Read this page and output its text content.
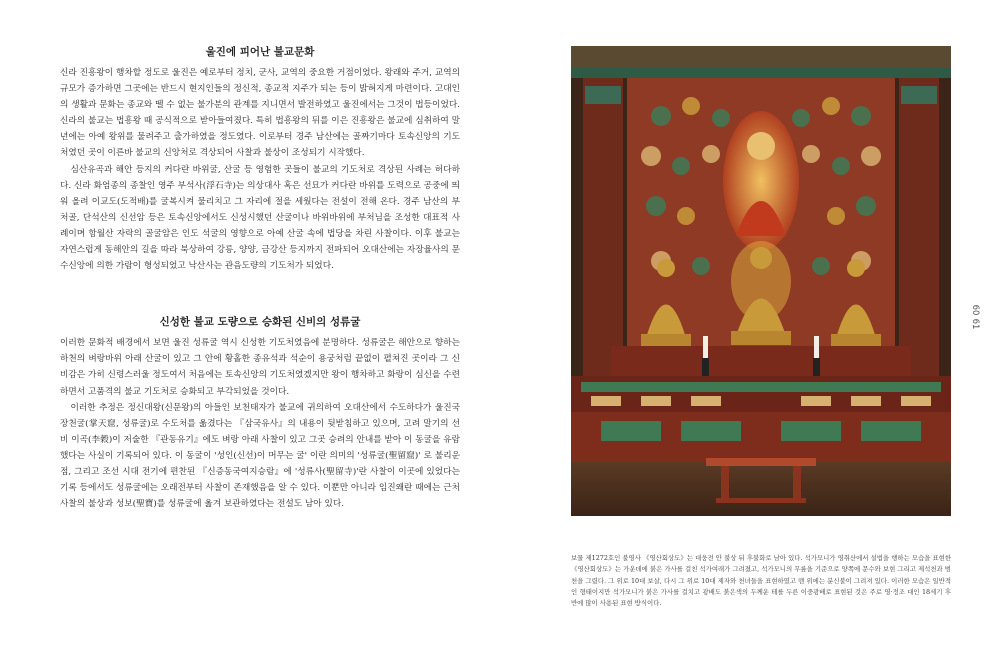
울진에 피어난 불교문화

신라 진흥왕이 행차할 정도로 울진은 예로부터 정치, 군사, 교역의 중요한 거점이었다. 왕래와 주거, 교역의 규모가 증가하면 그곳에는 반드시 현지인들의 정신적, 종교적 지주가 되는 등이 밝혀지게 마련이다. 고대인의 생활과 문화는 종교와 뗄 수 없는 불가분의 관계를 지니면서 발전하였고 울진에서는 그것이 법등이었다. 신라의 불교는 법흥왕 때 공식적으로 받아들여졌다. 특히 법흥왕의 뒤를 이은 진흥왕은 불교에 심취하여 말년에는 아예 왕위를 물려주고 출가하였을 정도였다. 이로부터 경주 남산에는 골짜기마다 토속신앙의 기도처였던 곳이 이른바 불교의 신앙처로 격상되어 사찰과 불상이 조성되기 시작했다.

심산유곡과 해안 등지의 커다란 바위굴, 산굴 등 영험한 곳들이 불교의 기도처로 격상된 사례는 허다하다. 신라 화엄종의 종찰인 영주 부석사(浮石寺)는 의상대사 혹은 선묘가 커다란 바위를 도력으로 공중에 띄워 올려 이교도(도적배)를 굴복시켜 물리치고 그 자리에 절을 세웠다는 전설이 전해 온다. 경주 남산의 부처골, 단석산의 신선암 등은 토속신앙에서도 신성시했던 산굴이나 바위바위에 부처님을 조성한 대표적 사례이며 함월산 자락의 골굴암은 인도 석굴의 영향으로 아예 산굴 속에 법당을 차린 사찰이다. 이후 불교는 자연스럽게 동해안의 길을 따라 북상하여 강릉, 양양, 금강산 등지까지 전파되어 오대산에는 자장율사의 문수신앙에 의한 가람이 형성되었고 낙산사는 관음도량의 기도처가 되었다.

신성한 불교 도량으로 승화된 신비의 성류굴

이러한 문화적 배경에서 보면 울진 성류굴 역시 신성한 기도처였음에 분명하다. 성류굴은 해안으로 향하는 하천의 벼랑바위 아래 산굴이 있고 그 안에 황홀한 종유석과 석순이 용궁처럼 끝없이 펼쳐진 곳이라 그 신비감은 가히 신령스러울 정도여서 처음에는 토속신앙의 기도처였겠지만 왕이 행차하고 화랑이 심신을 수련하면서 고품격의 불교 기도처로 승화되고 부각되었을 것이다.

이러한 추정은 정신대왕(신문왕)의 아들인 보천태자가 불교에 귀의하여 오대산에서 수도하다가 울진국 장천굴(掌天窟, 성류굴)로 수도처를 옮겼다는 『삼국유사』의 내용이 뒷받침하고 있으며, 고려 말기의 선비 이곡(李穀)이 저술한 『관동유기』에도 벼랑 아래 사찰이 있고 그곳 승려의 안내를 받아 이 동굴을 유람했다는 사실이 기록되어 있다. 이 동굴이 '성인(신선)이 머무는 굴' 이란 의미의 '성류굴(聖留窟)' 로 불리운 점, 그리고 조선 시대 전기에 편찬된 『신증동국여지승람』에 '성류사(聖留寺)'란 사찰이 이곳에 있었다는 기록 등에서도 성류굴에는 오래전부터 사찰이 존재했음을 알 수 있다. 이뿐만 아니라 임진왜란 때에는 근처 사찰의 불상과 성보(聖寶)를 성류굴에 옮겨 보관하였다는 전설도 남아 있다.

60
61
보물 제1272호인 불영사 《영산회상도》는 대웅전 안 불상 뒤 후불화로 남아 있다. 석가모니가 영취산에서 설법을 행하는 모습을 표현한 《영산회상도》는 가운데에 붉은 가사를 걸친 석가여래가 그려졌고, 석가모니의 무릎을 기준으로 양쪽에 문수와 보현 그리고 제석천과 범천을 그렸다. 그 위로 10대 보살, 다시 그 위로 10대 제자와 천녀들을 표현하였고 맨 위에는 분신불이 그려져 있다. 이러한 모습은 일반적인 형태이지만 석가모니가 붉은 가사를 걸치고 광배도 붉은색의 두께운 테를 두른 이중광배로 표현된 것은 주로 영·정조 대인 18세기 후반에 많이 사용된 표현 방식이다.
